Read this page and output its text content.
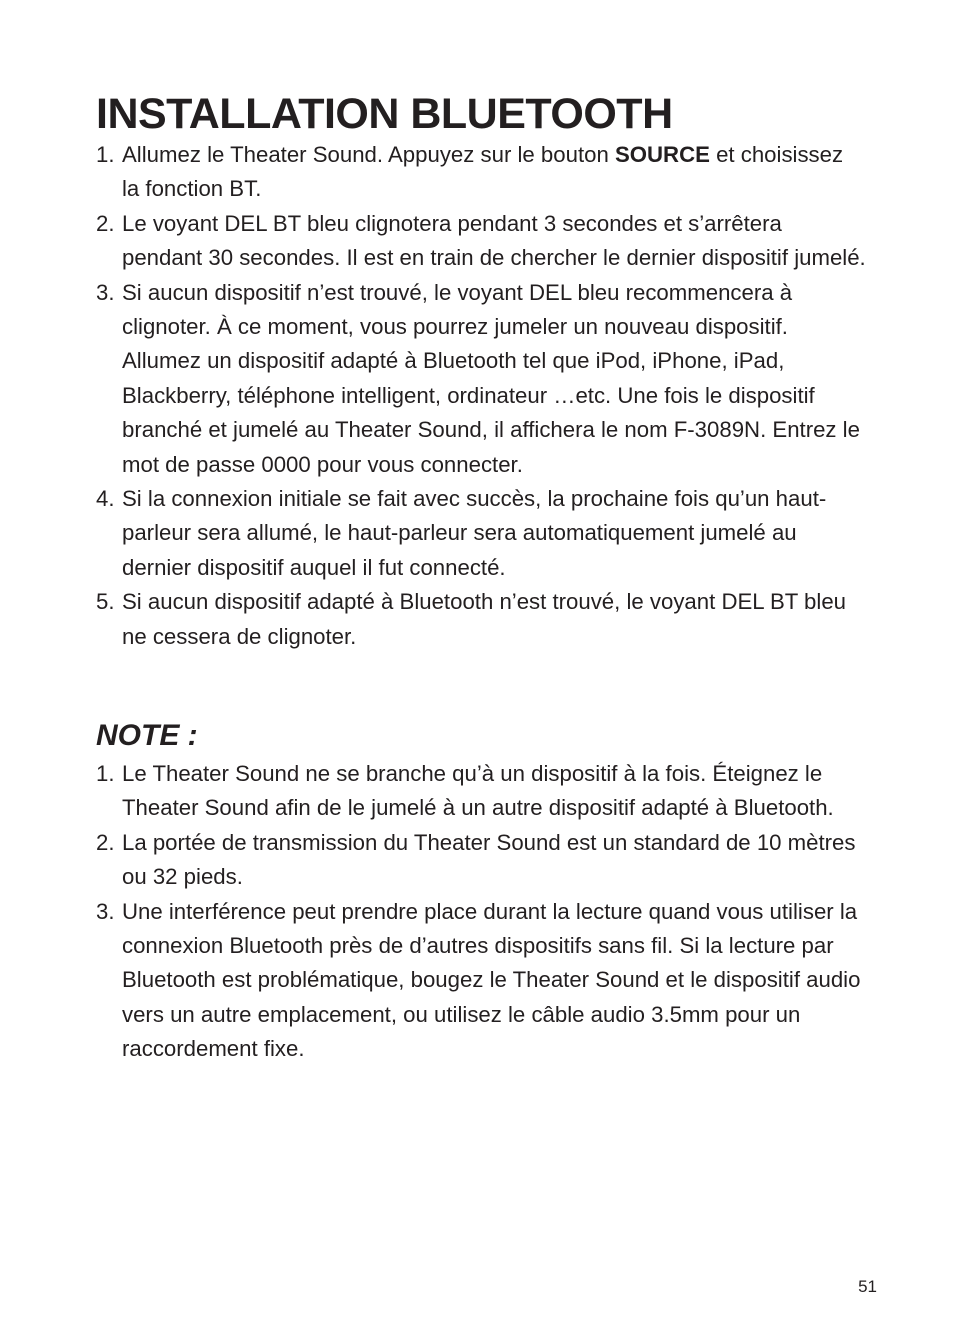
INSTALLATION BLUETOOTH
1. Allumez le Theater Sound. Appuyez sur le bouton SOURCE et choisissez la fonction BT.
2. Le voyant DEL BT bleu clignotera pendant 3 secondes et s’arrêtera pendant 30 secondes. Il est en train de chercher le dernier dispositif jumelé.
3. Si aucun dispositif n’est trouvé, le voyant DEL bleu recommencera à clignoter. À ce moment, vous pourrez jumeler un nouveau dispositif. Allumez un dispositif adapté à Bluetooth tel que iPod, iPhone, iPad, Blackberry, téléphone intelligent, ordinateur …etc. Une fois le dispositif branché et jumelé au Theater Sound, il affichera le nom F-3089N. Entrez le mot de passe 0000 pour vous connecter.
4. Si la connexion initiale se fait avec succès, la prochaine fois qu’un haut-parleur sera allumé, le haut-parleur sera automatiquement jumelé au dernier dispositif auquel il fut connecté.
5. Si aucun dispositif adapté à Bluetooth n’est trouvé, le voyant DEL BT bleu ne cessera de clignoter.
NOTE :
1. Le Theater Sound ne se branche qu’à un dispositif à la fois. Éteignez le Theater Sound afin de le jumelé à un autre dispositif adapté à Bluetooth.
2. La portée de transmission du Theater Sound est un standard de 10 mètres ou 32 pieds.
3. Une interférence peut prendre place durant la lecture quand vous utiliser la connexion Bluetooth près de d’autres dispositifs sans fil. Si la lecture par Bluetooth est problématique, bougez le Theater Sound et le dispositif audio vers un autre emplacement, ou utilisez le câble audio 3.5mm pour un raccordement fixe.
51
